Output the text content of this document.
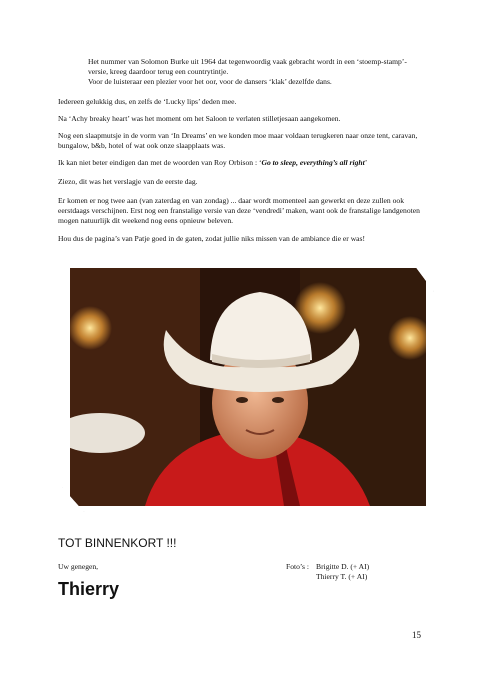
Het nummer van Solomon Burke uit 1964 dat tegenwoordig vaak gebracht wordt in een ‘stoemp-stamp’-versie, kreeg daardoor terug een countrytintje.

Voor de luisteraar een plezier voor het oor, voor de dansers ‘klak’ dezelfde dans.

Iedereen gelukkig dus, en zelfs de ‘Lucky lips’ deden mee.

Na ‘Achy breaky heart’ was het moment om het Saloon te verlaten stilletjesaan aangekomen.

Nog een slaapmutsje in de vorm van ‘In Dreams’ en we konden moe maar voldaan terugkeren naar onze tent, caravan, bungalow, b&b, hotel of wat ook onze slaapplaats was.

Ik kan niet beter eindigen dan met de woorden van Roy Orbison : ‘Go to sleep, everything’s all right’

Ziezo, dit was het verslagje van de eerste dag.

Er komen er nog twee aan (van zaterdag en van zondag) ... daar wordt momenteel aan gewerkt en deze zullen ook eerstdaags verschijnen. Erst nog een franstalige versie van deze ‘vendredi’ maken, want ook de franstalige landgenoten mogen natuurlijk dit weekend nog eens opnieuw beleven.

Hou dus de pagina’s van Patje goed in de gaten, zodat jullie niks missen van de ambiance die er was!

TOT BINNENKORT !!!
Uw genegen,	Foto’s : Brigitte D. (+ AI)
Thierry T. (+ AI)
Thierry
15
